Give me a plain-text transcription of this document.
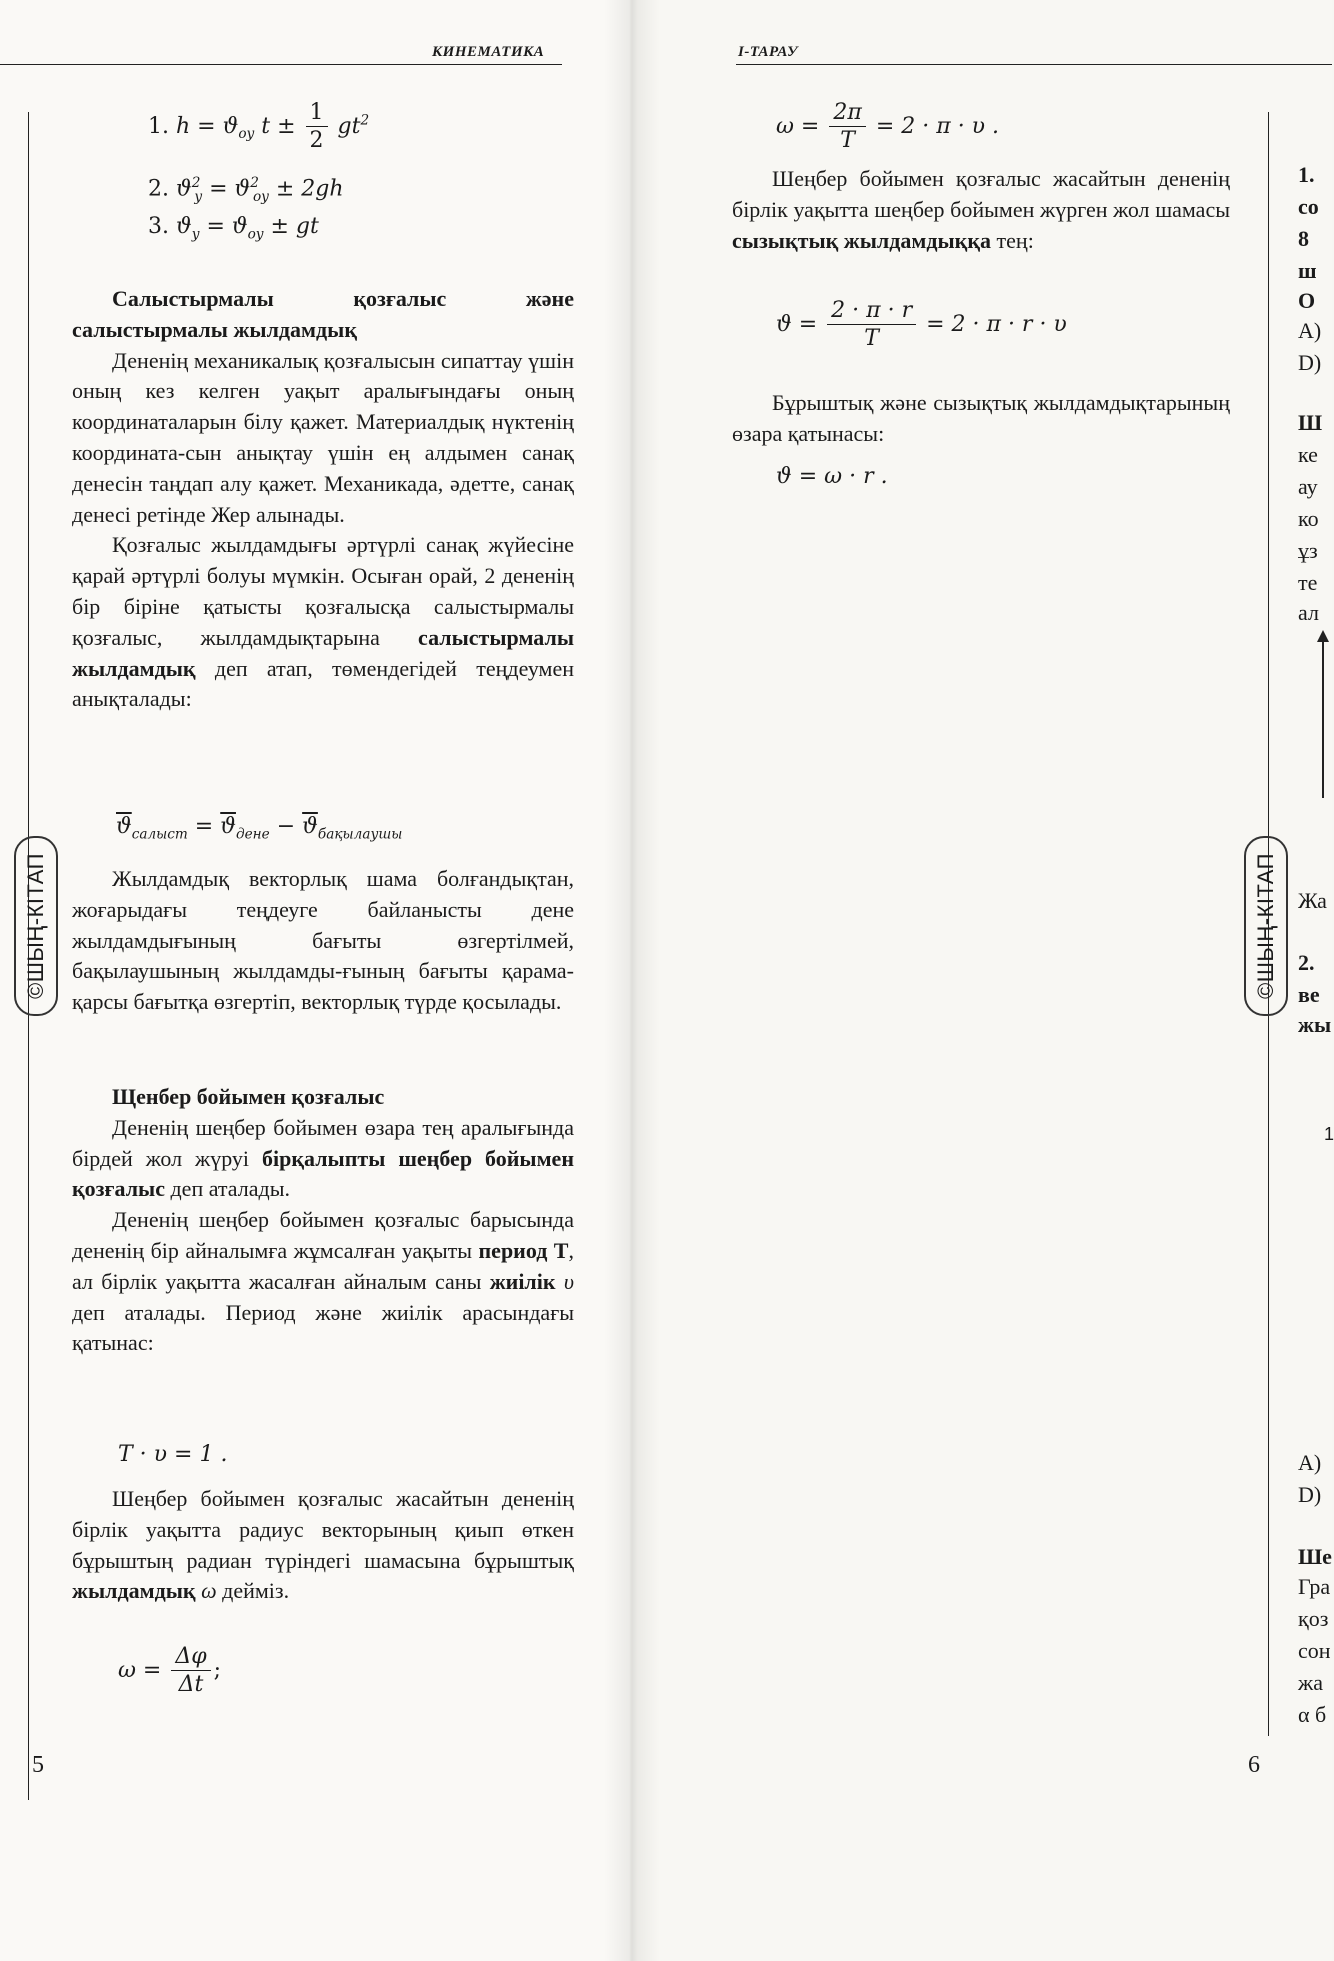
КИНЕМАТИКА
©ШЫҢ-КІТАП
5
1. $h = ϑ_{оy}$ $t \pm \frac{1}{2} gt^2$
2. $ϑ^2_y = ϑ^2_{оy} \pm 2gh$
3. $ϑ_y = ϑ_{оy}$ ± gt

Салыстырмалы қозғалыс және

салыстырмалы жылдамдық

Дененің механикалық қозғалысын сипаттау үшін оның кез келген уақыт аралығындағы оның координаталарын білу қажет. Материалдық нүктенің координата-сын анықтау үшін ең алдымен санақ денесін таңдап алу қажет. Механикада, әдетте, санақ денесі ретінде Жер алынады.

Қозғалыс жылдамдығы әртүрлі санақ жүйесіне қарай әртүрлі болуы мүмкін. Осыған орай, 2 дененің бір біріне қатысты қозғалысқа салыстырмалы қозғалыс, жылдамдықтарына салыстырмалы жылдамдық деп атап, төмендегідей теңдеумен анықталады:

$\overline{ϑ}_{салыст} = \overline{ϑ}_{дене} - \overline{ϑ}_{бақылаушы}$

Жылдамдық векторлық шама болғандықтан, жоғарыдағы теңдеуге байланысты дене жылдамдығының бағыты өзгертілмей, бақылаушының жылдамды-ғының бағыты қарама-қарсы бағытқа өзгертіп, векторлық түрде қосылады.

Щенбер бойымен қозғалыс

Дененің шеңбер бойымен өзара тең аралығында бірдей жол жүруі бірқалыпты шеңбер бойымен қозғалыс деп аталады.

Дененің шеңбер бойымен қозғалыс барысында дененің бір айналымға жұмсалған уақыты период Т, ал бірлік уақытта жасалған айналым саны жиілік υ деп аталады. Период және жиілік арасындағы қатынас:

T · υ = 1 .

Шеңбер бойымен қозғалыс жасайтын дененің бірлік уақытта радиус векторының қиып өткен бұрыштың радиан түріндегі шамасына бұрыштық жылдамдық ω дейміз.

$\omega = \frac{\Delta\varphi}{\Delta t}$ ;
І-ТАРАУ
©ШЫҢ-КІТАП
6
$\omega = \frac{2\pi}{T} = 2 \cdot \pi \cdot \upsilon$ .

Шеңбер бойымен қозғалыс жасайтын дененің бірлік уақытта шеңбер бойымен жүрген жол шамасы сызықтық жылдамдыққа тең:

$ϑ = \frac{2 \cdot \pi \cdot r}{T} = 2 \cdot \pi \cdot r \cdot \upsilon$

Бұрыштық және сызықтық жылдамдықтарының өзара қатынасы:

ϑ = ω · r .
1.
со
8
ш
О
А)
D)
Ш
ке
ау
ко
ұз
те
ал
Жа
2.
ве
жы
1
А)
D)
Ше
Гра
қоз
сон
жа
α б
